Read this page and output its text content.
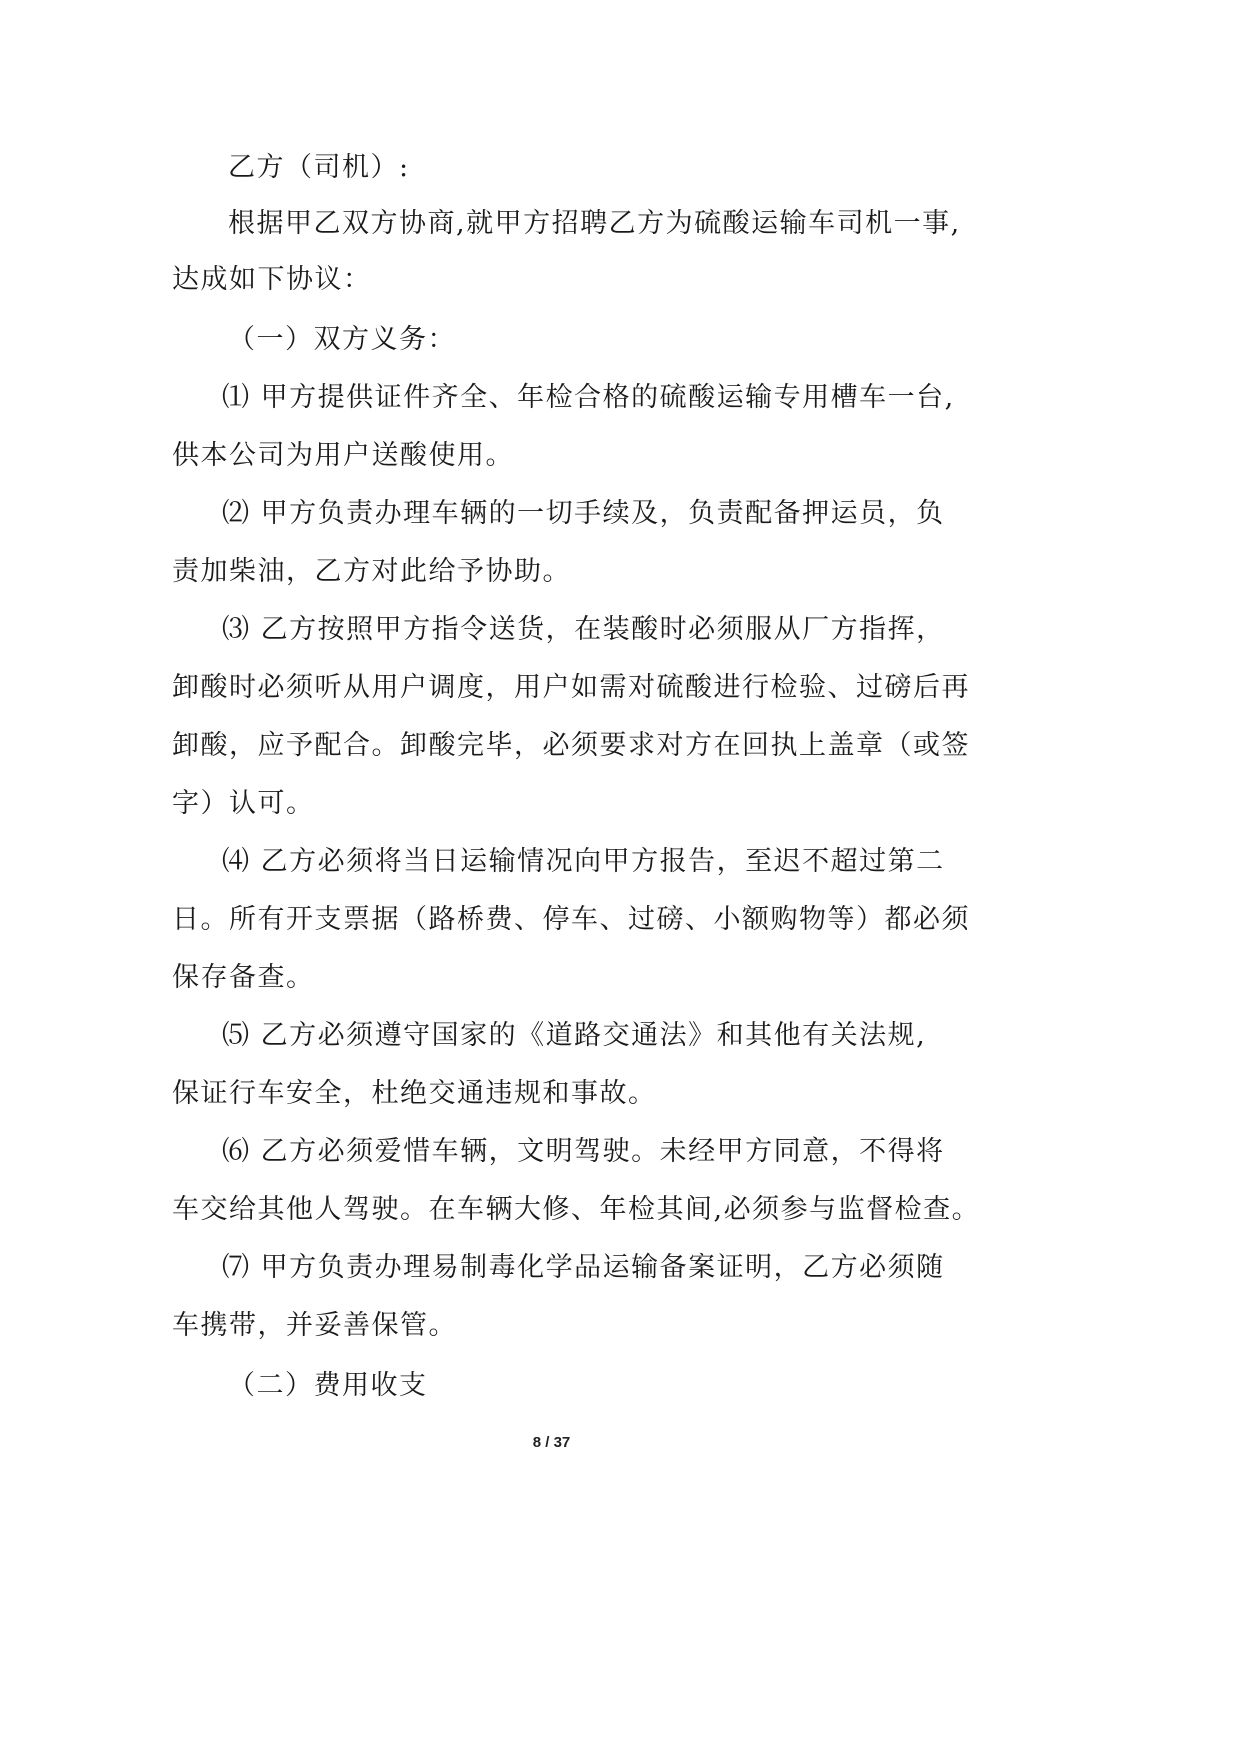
乙方（司机）:
根据甲乙双方协商,就甲方招聘乙方为硫酸运输车司机一事,
达成如下协议：
（一）双方义务：
⑴ 甲方提供证件齐全、年检合格的硫酸运输专用槽车一台,
供本公司为用户送酸使用。
⑵ 甲方负责办理车辆的一切手续及，负责配备押运员，负
责加柴油，乙方对此给予协助。
⑶ 乙方按照甲方指令送货，在装酸时必须服从厂方指挥，
卸酸时必须听从用户调度，用户如需对硫酸进行检验、过磅后再
卸酸，应予配合。卸酸完毕，必须要求对方在回执上盖章（或签
字）认可。
⑷ 乙方必须将当日运输情况向甲方报告，至迟不超过第二
日。所有开支票据（路桥费、停车、过磅、小额购物等）都必须
保存备查。
⑸ 乙方必须遵守国家的《道路交通法》和其他有关法规,
保证行车安全，杜绝交通违规和事故。
⑹ 乙方必须爱惜车辆，文明驾驶。未经甲方同意，不得将
车交给其他人驾驶。在车辆大修、年检其间,必须参与监督检查。
⑺ 甲方负责办理易制毒化学品运输备案证明，乙方必须随
车携带，并妥善保管。
（二）费用收支
8 / 37
